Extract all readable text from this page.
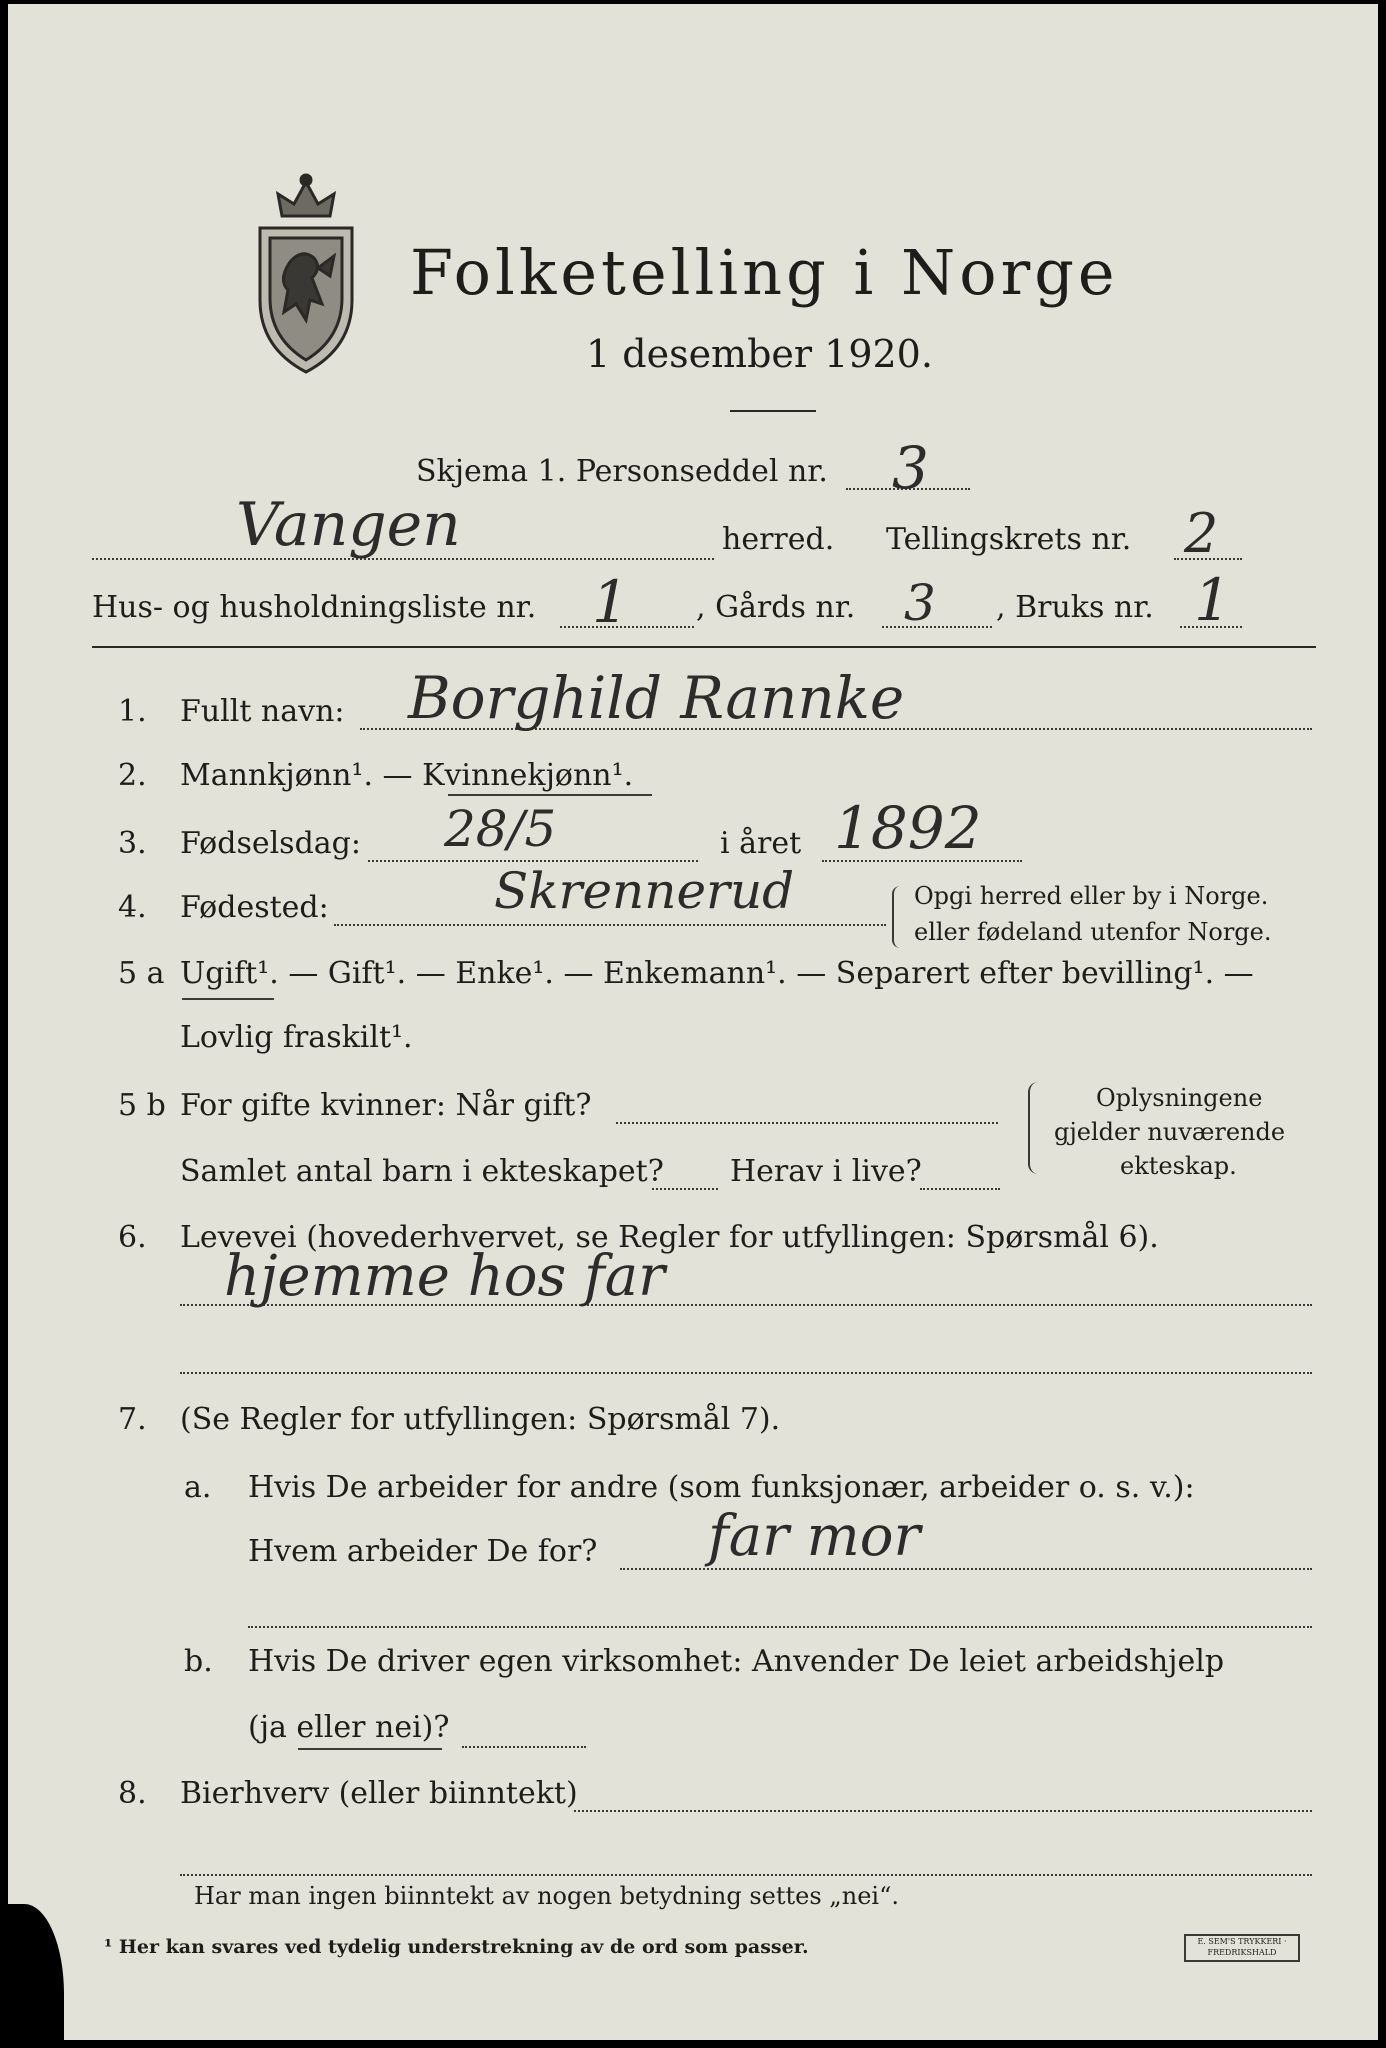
Folketelling i Norge
1 desember 1920.
Skjema 1. Personseddel nr. 3
Vangen	herred. Tellingskrets nr. 2
Hus- og husholdningsliste nr. 1 , Gårds nr. 3 , Bruks nr. 1
1. Fullt navn: Borghild Rannke
2. Mannkjønn¹. — Kvinnekjønn¹.
3. Fødselsdag: 28/5	i året 1892
4. Fødested:	Skrennerud	Opgi herred eller by i Norge.
eller fødeland utenfor Norge.
5 a Ugift¹. — Gift¹. — Enke¹. — Enkemann¹. — Separert efter bevilling¹. —
Lovlig fraskilt¹.
5 b For gifte kvinner: Når gift?
Samlet antal barn i ekteskapet? Herav i live?
Oplysningene
gjelder nuværende
ekteskap.
6. Levevei (hovederhvervet, se Regler for utfyllingen: Spørsmål 6).
hjemme hos far
7. (Se Regler for utfyllingen: Spørsmål 7).
a. Hvis De arbeider for andre (som funksjonær, arbeider o. s. v.):
Hvem arbeider De for? far mor
b. Hvis De driver egen virksomhet: Anvender De leiet arbeidshjelp
(ja eller nei)?
8. Bierhverv (eller biinntekt)
Har man ingen biinntekt av nogen betydning settes „nei“.
¹ Her kan svares ved tydelig understrekning av de ord som passer.	E. SEM'S TRYKKERI · FREDRIKSHALD
